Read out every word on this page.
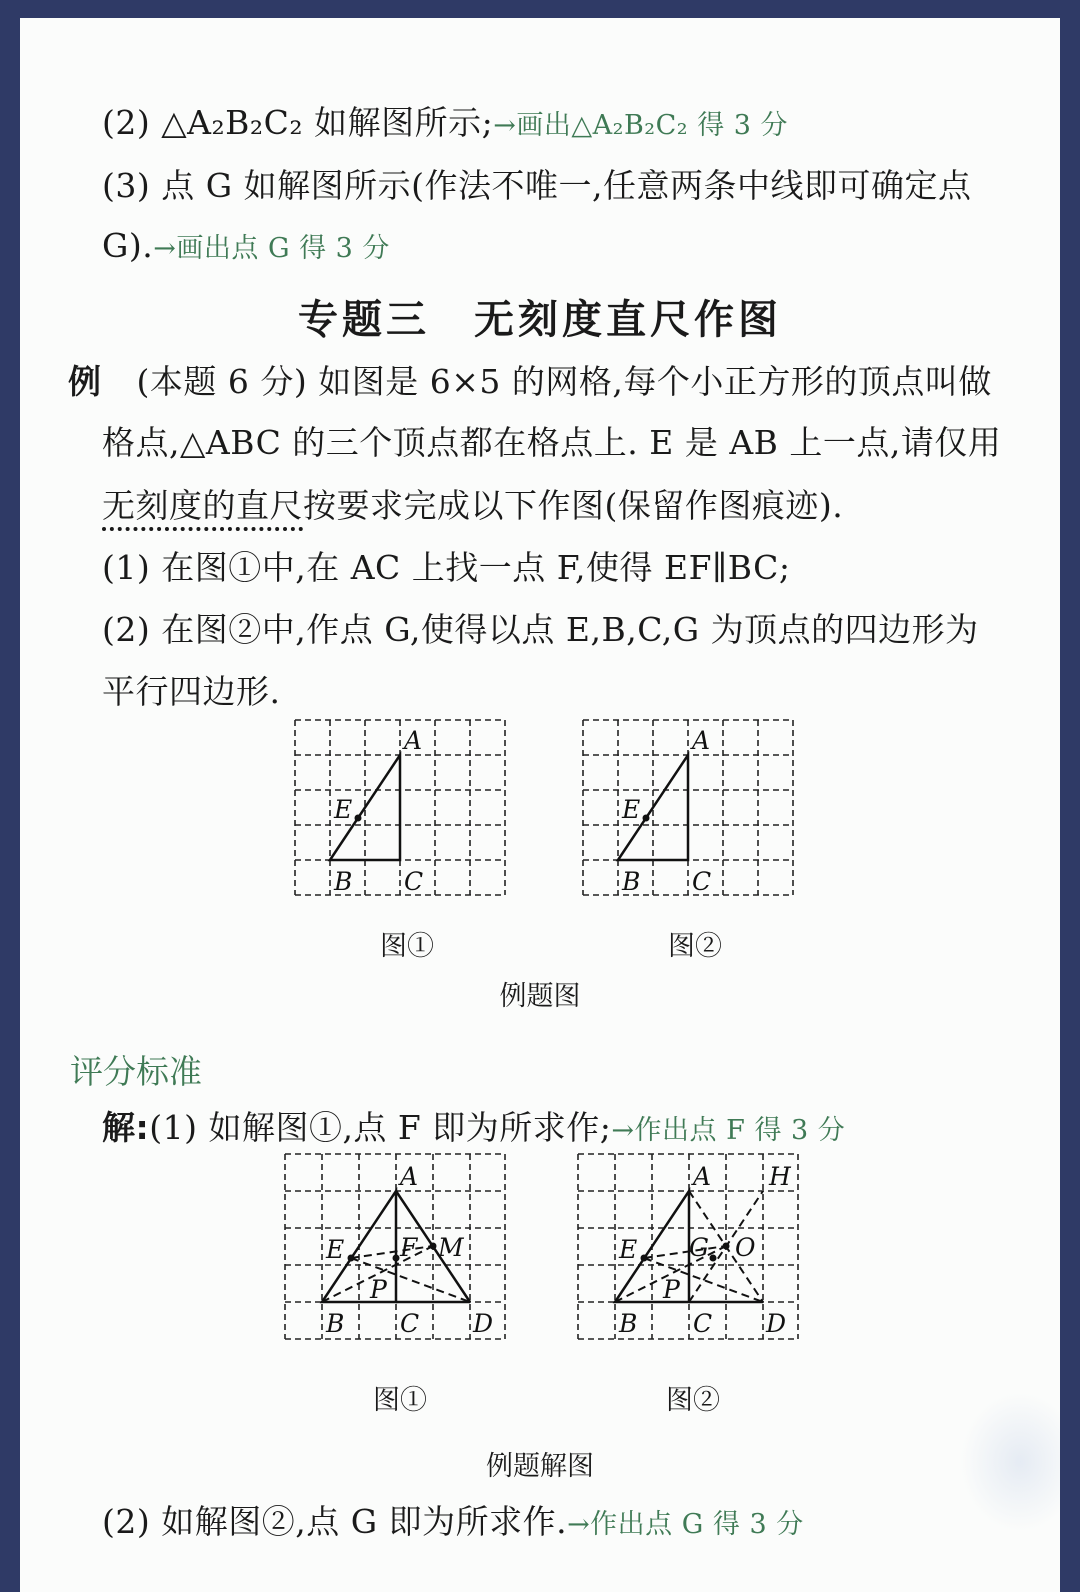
(2) △A₂B₂C₂ 如解图所示;→画出△A₂B₂C₂ 得 3 分
(3) 点 G 如解图所示(作法不唯一,任意两条中线即可确定点
G).→画出点 G 得 3 分
专题三　无刻度直尺作图
例 (本题 6 分) 如图是 6×5 的网格,每个小正方形的顶点叫做
格点,△ABC 的三个顶点都在格点上. E 是 AB 上一点,请仅用
无刻度的直尺按要求完成以下作图(保留作图痕迹).
(1) 在图①中,在 AC 上找一点 F,使得 EF∥BC;
(2) 在图②中,作点 G,使得以点 E,B,C,G 为顶点的四边形为
平行四边形.
A
B C
E
图①
A
B C
E
图②
例题图
评分标准
解:(1) 如解图①,点 F 即为所求作;→作出点 F 得 3 分
A
B C D
E F M
P
图①
A H
B C D
E G O
P
图②
例题解图
(2) 如解图②,点 G 即为所求作.→作出点 G 得 3 分
